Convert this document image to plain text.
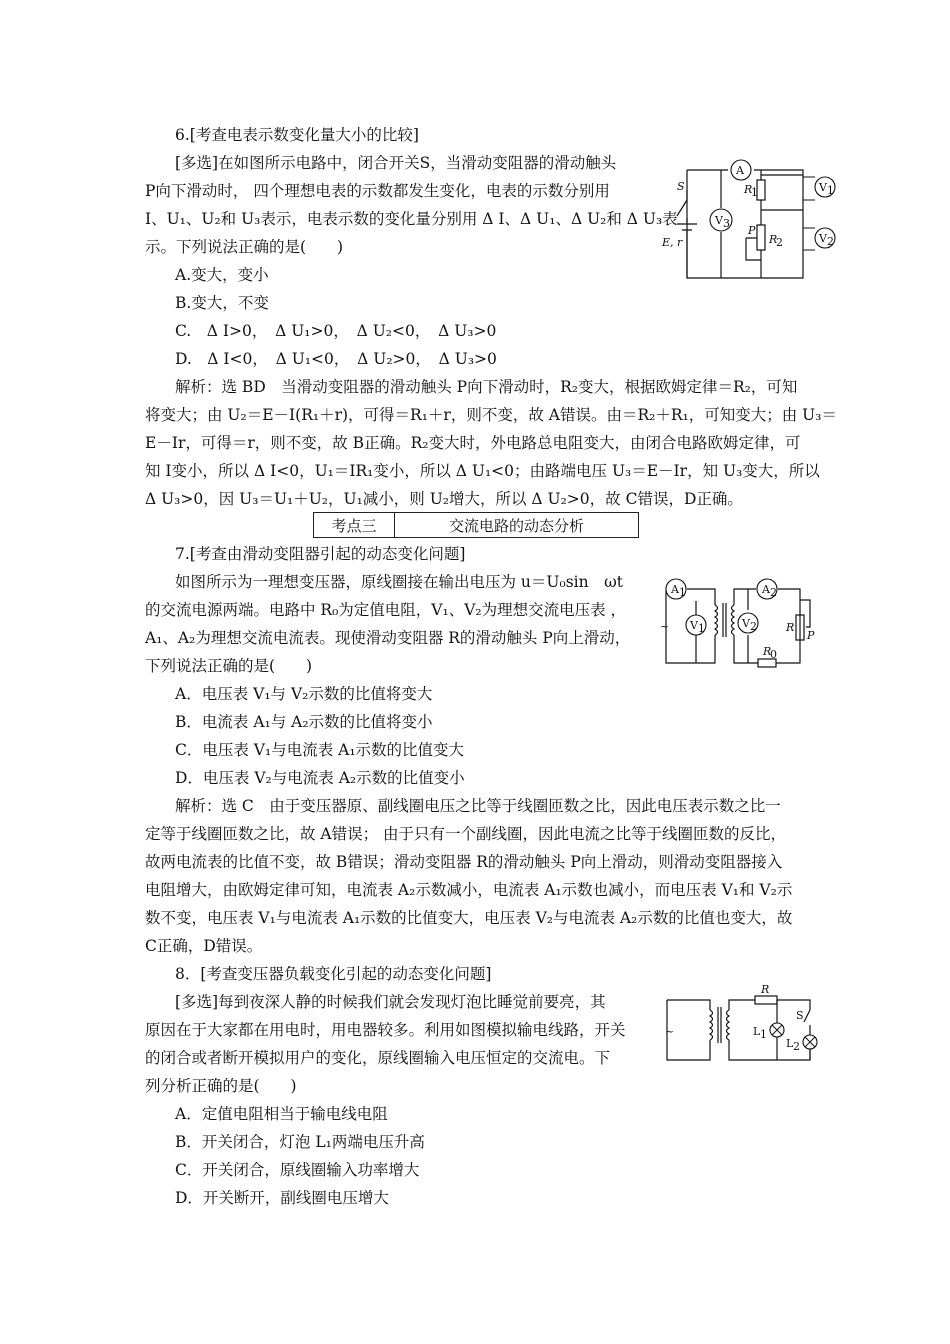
6.[考查电表示数变化量大小的比较]
[多选]在如图所示电路中，闭合开关S，当滑动变阻器的滑动触头
P向下滑动时， 四个理想电表的示数都发生变化，电表的示数分别用
I、U₁、U₂和 U₃表示，电表示数的变化量分别用 Δ I、Δ U₁、Δ U₂和 Δ U₃表
示。下列说法正确的是(　　)
A.变大，变小
B.变大，不变
C.　Δ I>0，　Δ U₁>0，　Δ U₂<0，　Δ U₃>0
D.　Δ I<0，　Δ U₁<0，　Δ U₂>0，　Δ U₃>0
解析：选 BD　当滑动变阻器的滑动触头 P向下滑动时，R₂变大，根据欧姆定律＝R₂，可知
将变大；由 U₂＝E－I(R₁＋r)，可得＝R₁＋r，则不变，故 A错误。由＝R₂＋R₁，可知变大；由 U₃＝
E－Ir，可得＝r，则不变，故 B正确。R₂变大时，外电路总电阻变大，由闭合电路欧姆定律，可
知 I变小，所以 Δ I<0，U₁＝IR₁变小，所以 Δ U₁<0；由路端电压 U₃＝E－Ir，知 U₃变大，所以
Δ U₃>0，因 U₃＝U₁＋U₂，U₁减小，则 U₂增大，所以 Δ U₂>0，故 C错误，D正确。
A
S	R
1	V 1
V 3
E, r
P
R
2	V 2
考点三	交流电路的动态分析
7.[考查由滑动变阻器引起的动态变化问题]
如图所示为一理想变压器，原线圈接在输出电压为 u＝U₀sin　ωt
的交流电源两端。电路中 R₀为定值电阻，V₁、V₂为理想交流电压表 ，
A₁、A₂为理想交流电流表。现使滑动变阻器 R的滑动触头 P向上滑动，
下列说法正确的是(　　)
A．电压表 V₁与 V₂示数的比值将变大
B．电流表 A₁与 A₂示数的比值将变小
C．电压表 V₁与电流表 A₁示数的比值变大
D．电压表 V₂与电流表 A₂示数的比值变小
解析：选 C　由于变压器原、副线圈电压之比等于线圈匝数之比，因此电压表示数之比一
定等于线圈匝数之比，故 A错误； 由于只有一个副线圈，因此电流之比等于线圈匝数的反比，
故两电流表的比值不变，故 B错误；滑动变阻器 R的滑动触头 P向上滑动，则滑动变阻器接入
电阻增大，由欧姆定律可知，电流表 A₂示数减小，电流表 A₁示数也减小，而电压表 V₁和 V₂示
数不变，电压表 V₁与电流表 A₁示数的比值变大，电压表 V₂与电流表 A₂示数的比值也变大，故
C正确，D错误。
~
A 1
V 1
A 2
V 2	R
P
R
0
8．[考查变压器负载变化引起的动态变化问题]
[多选]每到夜深人静的时候我们就会发现灯泡比睡觉前要亮，其
原因在于大家都在用电时，用电器较多。利用如图模拟输电线路，开关
的闭合或者断开模拟用户的变化，原线圈输入电压恒定的交流电。下
列分析正确的是(　　)
A．定值电阻相当于输电线电阻
B．开关闭合，灯泡 L₁两端电压升高
C．开关闭合，原线圈输入功率增大
D．开关断开，副线圈电压增大
~
R
S
L 1
L 2
